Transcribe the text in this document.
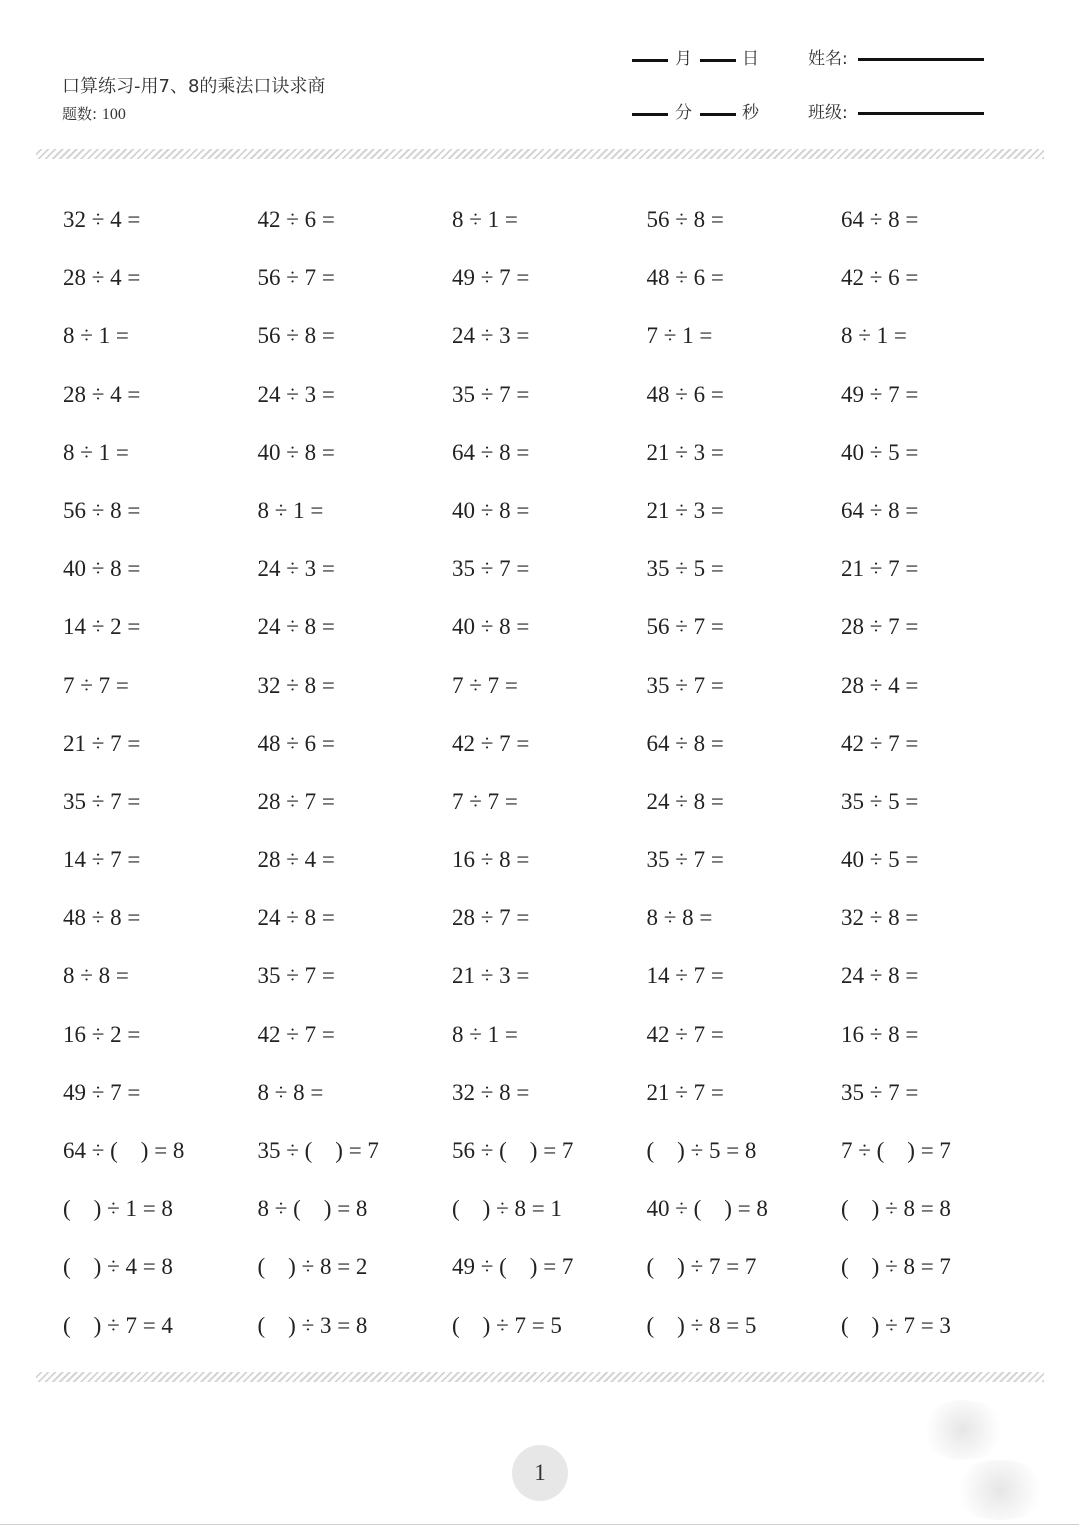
口算练习-用7、8的乘法口诀求商
题数: 100
月	日
分	秒
姓名:
班级:
32 ÷ 4 =	42 ÷ 6 =	8 ÷ 1 =	56 ÷ 8 =	64 ÷ 8 =
28 ÷ 4 =	56 ÷ 7 =	49 ÷ 7 =	48 ÷ 6 =	42 ÷ 6 =
8 ÷ 1 =	56 ÷ 8 =	24 ÷ 3 =	7 ÷ 1 =	8 ÷ 1 =
28 ÷ 4 =	24 ÷ 3 =	35 ÷ 7 =	48 ÷ 6 =	49 ÷ 7 =
8 ÷ 1 =	40 ÷ 8 =	64 ÷ 8 =	21 ÷ 3 =	40 ÷ 5 =
56 ÷ 8 =	8 ÷ 1 =	40 ÷ 8 =	21 ÷ 3 =	64 ÷ 8 =
40 ÷ 8 =	24 ÷ 3 =	35 ÷ 7 =	35 ÷ 5 =	21 ÷ 7 =
14 ÷ 2 =	24 ÷ 8 =	40 ÷ 8 =	56 ÷ 7 =	28 ÷ 7 =
7 ÷ 7 =	32 ÷ 8 =	7 ÷ 7 =	35 ÷ 7 =	28 ÷ 4 =
21 ÷ 7 =	48 ÷ 6 =	42 ÷ 7 =	64 ÷ 8 =	42 ÷ 7 =
35 ÷ 7 =	28 ÷ 7 =	7 ÷ 7 =	24 ÷ 8 =	35 ÷ 5 =
14 ÷ 7 =	28 ÷ 4 =	16 ÷ 8 =	35 ÷ 7 =	40 ÷ 5 =
48 ÷ 8 =	24 ÷ 8 =	28 ÷ 7 =	8 ÷ 8 =	32 ÷ 8 =
8 ÷ 8 =	35 ÷ 7 =	21 ÷ 3 =	14 ÷ 7 =	24 ÷ 8 =
16 ÷ 2 =	42 ÷ 7 =	8 ÷ 1 =	42 ÷ 7 =	16 ÷ 8 =
49 ÷ 7 =	8 ÷ 8 =	32 ÷ 8 =	21 ÷ 7 =	35 ÷ 7 =
64 ÷ (    ) = 8	35 ÷ (    ) = 7	56 ÷ (    ) = 7	(    ) ÷ 5 = 8	7 ÷ (    ) = 7
(    ) ÷ 1 = 8	8 ÷ (    ) = 8	(    ) ÷ 8 = 1	40 ÷ (    ) = 8	(    ) ÷ 8 = 8
(    ) ÷ 4 = 8	(    ) ÷ 8 = 2	49 ÷ (    ) = 7	(    ) ÷ 7 = 7	(    ) ÷ 8 = 7
(    ) ÷ 7 = 4	(    ) ÷ 3 = 8	(    ) ÷ 7 = 5	(    ) ÷ 8 = 5	(    ) ÷ 7 = 3
1
